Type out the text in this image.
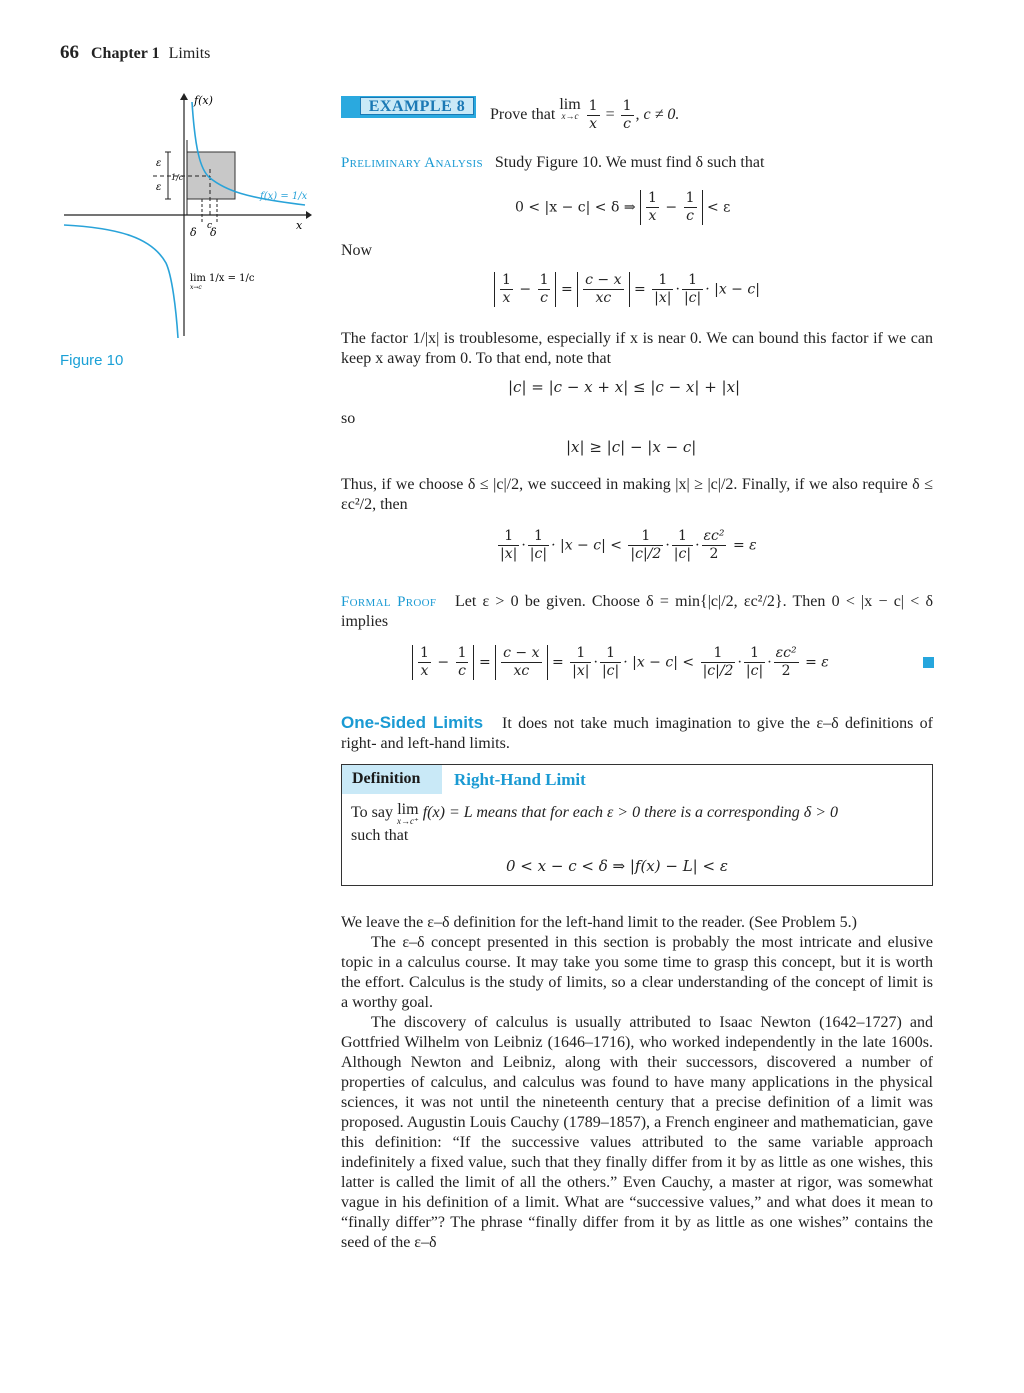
66 Chapter 1 Limits
f(x)
x
f(x) = 1/x
lim 1/x = 1/c
x→c
ε
ε
1/c
δ c
δ
Figure 10
EXAMPLE 8	Prove that lim
x→c
$\frac{1}{x} = \frac{1}{c}$ , c ≠ 0.
Preliminary Analysis Study Figure 10. We must find δ such that
0 < |x − c| < δ ⇒ $\frac{1}{x} - \frac{1}{c} < \varepsilon$
Now
$\frac{1}{x} - \frac{1}{c} = \frac{c - x}{xc} = \frac{1}{|x|} \cdot \frac{1}{|c|} \cdot |x - c|$
The factor 1/|x| is troublesome, especially if x is near 0. We can bound this factor if we can keep x away from 0. To that end, note that
|c| = |c − x + x| ≤ |c − x| + |x|
so
|x| ≥ |c| − |x − c|
Thus, if we choose δ ≤ |c|/2, we succeed in making |x| ≥ |c|/2. Finally, if we also require δ ≤ εc²/2, then
$\frac{1}{|x|} \cdot \frac{1}{|c|} \cdot |x - c| < \frac{1}{|c|/2} \cdot \frac{1}{|c|} \cdot \frac{\text{εc²}}{2} = \varepsilon$
Formal Proof Let ε > 0 be given. Choose δ = min{|c|/2, εc²/2}. Then 0 < |x − c| < δ implies
$\frac{1}{x} - \frac{1}{c} = \frac{c - x}{xc} = \frac{1}{|x|} \cdot \frac{1}{|c|} \cdot |x - c| < \frac{1}{|c|/2} \cdot \frac{1}{|c|} \cdot \frac{\text{εc²}}{2} = \varepsilon$
One-Sided Limits It does not take much imagination to give the ε–δ definitions of right- and left-hand limits.
Definition Right-Hand Limit
To say lim
x→c⁺ f(x) = L means that for each ε > 0 there is a corresponding δ > 0
such that
0 < x − c < δ ⇒ |f(x) − L| < ε
We leave the ε–δ definition for the left-hand limit to the reader. (See Problem 5.)
The ε–δ concept presented in this section is probably the most intricate and elusive topic in a calculus course. It may take you some time to grasp this concept, but it is worth the effort. Calculus is the study of limits, so a clear understanding of the concept of limit is a worthy goal.
The discovery of calculus is usually attributed to Isaac Newton (1642–1727) and Gottfried Wilhelm von Leibniz (1646–1716), who worked independently in the late 1600s. Although Newton and Leibniz, along with their successors, discovered a number of properties of calculus, and calculus was found to have many applications in the physical sciences, it was not until the nineteenth century that a precise definition of a limit was proposed. Augustin Louis Cauchy (1789–1857), a French engineer and mathematician, gave this definition: “If the successive values attributed to the same variable approach indefinitely a fixed value, such that they finally differ from it by as little as one wishes, this latter is called the limit of all the others.” Even Cauchy, a master at rigor, was somewhat vague in his definition of a limit. What are “successive values,” and what does it mean to “finally differ”? The phrase “finally differ from it by as little as one wishes” contains the seed of the ε–δ
